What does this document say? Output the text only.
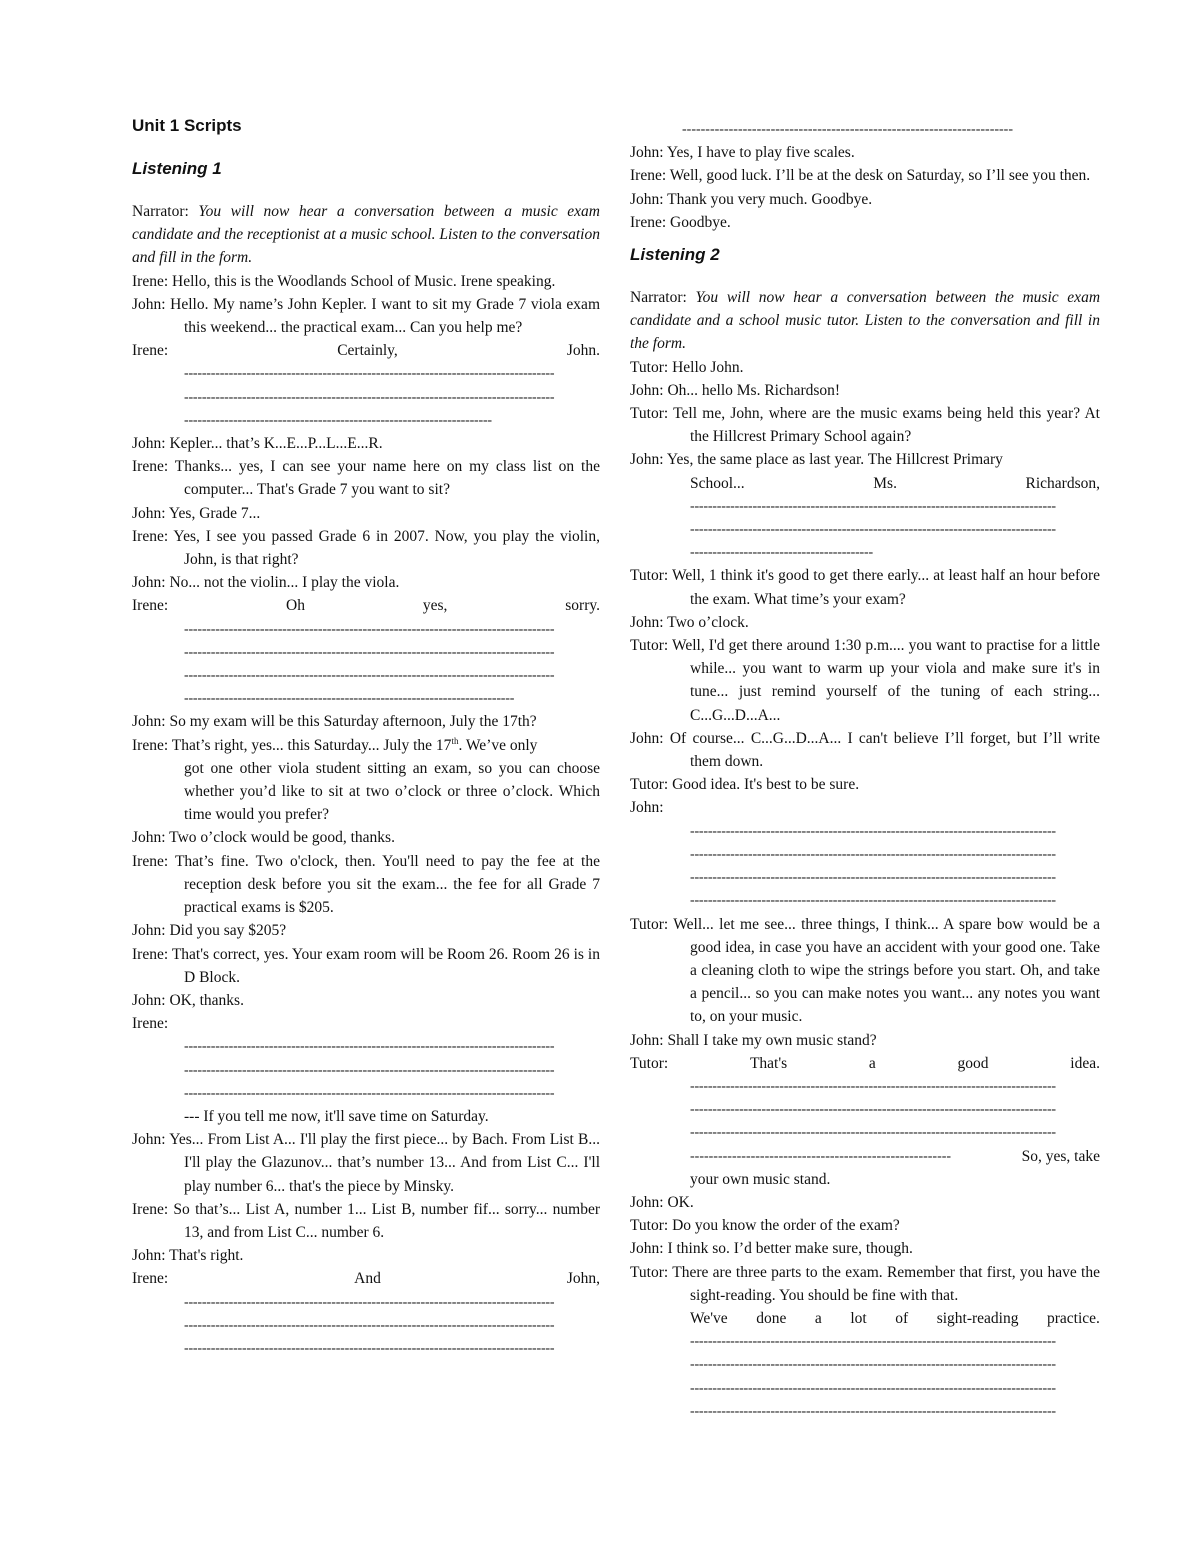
Unit 1 Scripts
Listening 1

Narrator: You will now hear a conversation between a music exam candidate and the receptionist at a music school. Listen to the conversation and fill in the form.

Irene: Hello, this is the Woodlands School of Music. Irene speaking.

John: Hello. My name’s John Kepler. I want to sit my Grade 7 viola exam this weekend... the practical exam... Can you help me?

Irene:	Certainly,	John.

-----------------------------------------------------------------------------------

-----------------------------------------------------------------------------------

---------------------------------------------------------------------

John: Kepler... that’s K...E...P...L...E...R.

Irene: Thanks... yes, I can see your name here on my class list on the computer... That's Grade 7 you want to sit?

John: Yes, Grade 7...

Irene: Yes, I see you passed Grade 6 in 2007. Now, you play the violin, John, is that right?

John: No... not the violin... I play the viola.

Irene:	Oh	yes,	sorry.

-----------------------------------------------------------------------------------

-----------------------------------------------------------------------------------

-----------------------------------------------------------------------------------

--------------------------------------------------------------------------

John: So my exam will be this Saturday afternoon, July the 17th?

Irene: That’s right, yes... this Saturday... July the 17th. We’ve only

got one other viola student sitting an exam, so you can choose whether you’d like to sit at two o’clock or three o’clock. Which time would you prefer?

John: Two o’clock would be good, thanks.

Irene: That’s fine. Two o'clock, then. You'll need to pay the fee at the reception desk before you sit the exam... the fee for all Grade 7 practical exams is $205.

John: Did you say $205?

Irene: That's correct, yes. Your exam room will be Room 26. Room 26 is in D Block.

John: OK, thanks.

Irene:

-----------------------------------------------------------------------------------

-----------------------------------------------------------------------------------

-----------------------------------------------------------------------------------

--- If you tell me now, it'll save time on Saturday.

John: Yes... From List A... I'll play the first piece... by Bach. From List B... I'll play the Glazunov... that’s number 13... And from List C... I'll play number 6... that's the piece by Minsky.

Irene: So that’s... List A, number 1... List B, number fif... sorry... number 13, and from List C... number 6.

John: That's right.

Irene:	And	John,

-----------------------------------------------------------------------------------

-----------------------------------------------------------------------------------

-----------------------------------------------------------------------------------

-----------------------------------------------------------------------

John: Yes, I have to play five scales.

Irene: Well, good luck. I’ll be at the desk on Saturday, so I’ll see you then.

John: Thank you very much. Goodbye.

Irene: Goodbye.

Listening 2

Narrator: You will now hear a conversation between the music exam candidate and a school music tutor. Listen to the conversation and fill in the form.

Tutor: Hello John.

John: Oh... hello Ms. Richardson!

Tutor: Tell me, John, where are the music exams being held this year? At the Hillcrest Primary School again?

John: Yes, the same place as last year. The Hillcrest Primary

School...	Ms.	Richardson,

----------------------------------------------------------------------------------

----------------------------------------------------------------------------------

-----------------------------------------

Tutor: Well, 1 think it's good to get there early... at least half an hour before the exam. What time’s your exam?

John: Two o’clock.

Tutor: Well, I'd get there around 1:30 p.m.... you want to practise for a little while... you want to warm up your viola and make sure it's in tune... just remind yourself of the tuning of each string... C...G...D...A...

John: Of course... C...G...D...A... I can't believe I’ll forget, but I’ll write them down.

Tutor: Good idea. It's best to be sure.

John:

----------------------------------------------------------------------------------

----------------------------------------------------------------------------------

----------------------------------------------------------------------------------

----------------------------------------------------------------------------------

Tutor: Well... let me see... three things, I think... A spare bow would be a good idea, in case you have an accident with your good one. Take a cleaning cloth to wipe the strings before you start. Oh, and take a pencil... so you can make notes you want... any notes you want to, on your music.

John: Shall I take my own music stand?

Tutor:	That's	a	good	idea.

----------------------------------------------------------------------------------

----------------------------------------------------------------------------------

----------------------------------------------------------------------------------

--------------------------------------------------------	So, yes, take

your own music stand.

John: OK.

Tutor: Do you know the order of the exam?

John: I think so. I’d better make sure, though.

Tutor: There are three parts to the exam. Remember that first, you have the sight-reading. You should be fine with that.

We've done a lot of sight-reading practice.

----------------------------------------------------------------------------------

----------------------------------------------------------------------------------

----------------------------------------------------------------------------------

----------------------------------------------------------------------------------
